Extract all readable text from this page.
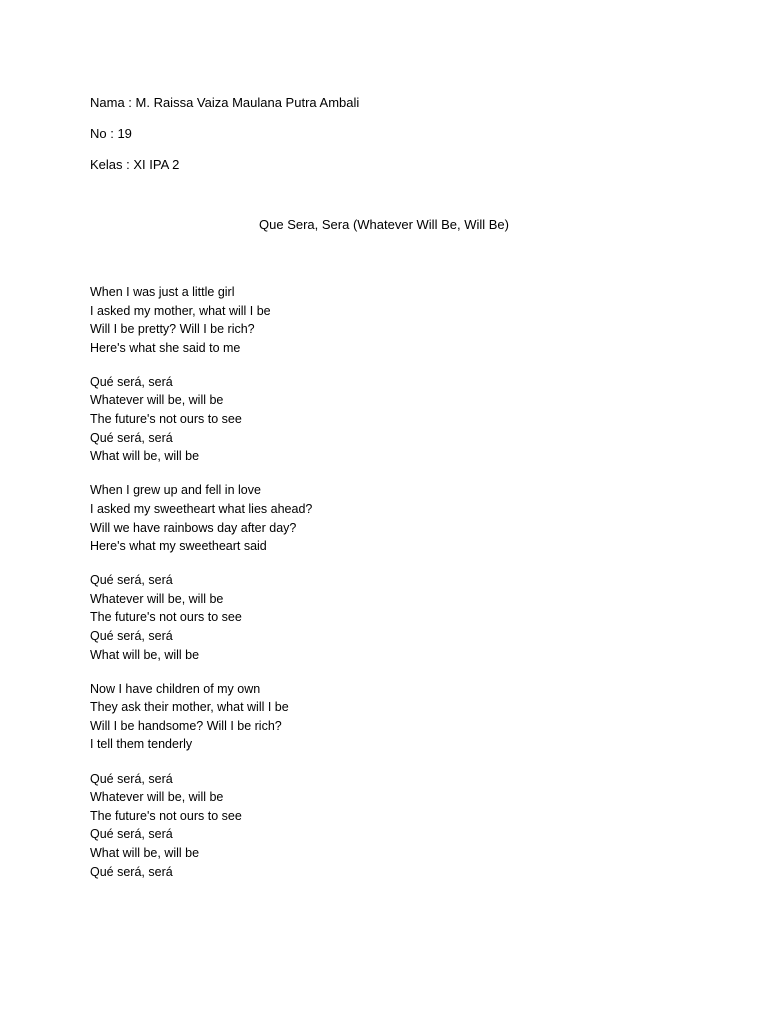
Nama : M. Raissa Vaiza Maulana Putra Ambali
No : 19
Kelas : XI IPA 2
Que Sera, Sera (Whatever Will Be, Will Be)
When I was just a little girl
I asked my mother, what will I be
Will I be pretty? Will I be rich?
Here's what she said to me
Qué será, será
Whatever will be, will be
The future's not ours to see
Qué será, será
What will be, will be
When I grew up and fell in love
I asked my sweetheart what lies ahead?
Will we have rainbows day after day?
Here's what my sweetheart said
Qué será, será
Whatever will be, will be
The future's not ours to see
Qué será, será
What will be, will be
Now I have children of my own
They ask their mother, what will I be
Will I be handsome? Will I be rich?
I tell them tenderly
Qué será, será
Whatever will be, will be
The future's not ours to see
Qué será, será
What will be, will be
Qué será, será
